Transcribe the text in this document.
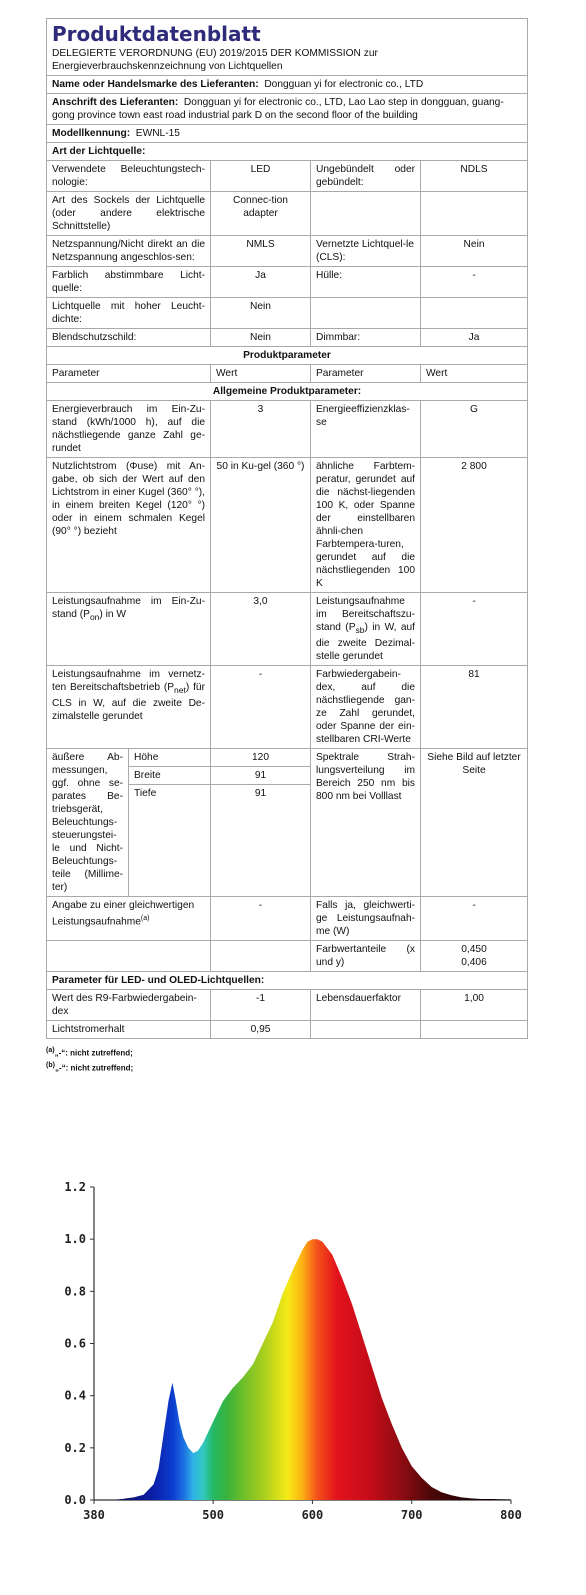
Produktdatenblatt				
DELEGIERTE VERORDNUNG (EU) 2019/2015 DER KOMMISSION zur Energieverbrauchskennzeichnung von Lichtquellen				
Name oder Handelsmarke des Lieferanten: Dongguan yi for electronic co., LTD				
Anschrift des Lieferanten: Dongguan yi for electronic co., LTD, Lao Lao step in dongguan, guang-gong province town east road industrial park D on the second floor of the building				
Modellkennung: EWNL-15				
Art der Lichtquelle:				
Verwendete Beleuchtungstech-nologie:		LED	Ungebündelt oder gebündelt:	NDLS
Art des Sockels der Lichtquelle (oder andere elektrische Schnittstelle)		Connec-tion adapter		
Netzspannung/Nicht direkt an die Netzspannung angeschlos-sen:		NMLS	Vernetzte Lichtquel-le (CLS):	Nein
Farblich abstimmbare Licht-quelle:		Ja	Hülle:	-
Lichtquelle mit hoher Leucht-dichte:		Nein		
Blendschutzschild:		Nein	Dimmbar:	Ja
Produktparameter				
Parameter		Wert	Parameter	Wert
Allgemeine Produktparameter:				
Energieverbrauch im Ein-Zu-stand (kWh/1000 h), auf die nächstliegende ganze Zahl ge-rundet		3	Energieeffizienzklas-se	G
Nutzlichtstrom (Φuse) mit An-gabe, ob sich der Wert auf den Lichtstrom in einer Kugel (360° °), in einem breiten Kegel (120° °) oder in einem schmalen Kegel (90° °) bezieht		50 in Ku-gel (360 °)	ähnliche Farbtem-peratur, gerundet auf die nächst-liegenden 100 K, oder Spanne der einstellbaren ähnli-chen Farbtempera-turen, gerundet auf die nächstliegenden 100 K	2 800
Leistungsaufnahme im Ein-Zu-stand $(P_{on})$ in W		3,0	Leistungsaufnahme im Bereitschaftszu-stand $(P_{sb})$ in W, auf die zweite Dezimal-stelle gerundet	-
Leistungsaufnahme im vernetz-ten Bereitschaftsbetrieb $(P_{net})$ für CLS in W, auf die zweite De-zimalstelle gerundet		-	Farbwiedergabein-dex, auf die nächstliegende gan-ze Zahl gerundet, oder Spanne der ein-stellbaren CRI-Werte	81
äußere Ab-messungen, ggf. ohne se-parates Be-triebsgerät, Beleuchtungs-steuerungstei-le und Nicht-Beleuchtungs-teile (Millime-ter)	Höhe	120	Spektrale Strah-lungsverteilung im Bereich 250 nm bis 800 nm bei Volllast	Siehe Bild auf letzter Seite
	Breite	91		
	Tiefe	91		
Angabe zu einer gleichwertigen Leistungsaufnahme$^{(a)}$		-	Falls ja, gleichwerti-ge Leistungsaufnah-me (W)	-
			Farbwertanteile (x und y)	0,450
0,406

Parameter für LED- und OLED-Lichtquellen:				
Wert des R9-Farbwiedergabein-dex		-1	Lebensdauerfaktor	1,00
Lichtstromerhalt		0,95		
$^{(a)}$„-“: nicht zutreffend;
$^{(b)}$„-“: nicht zutreffend;
0.0
0.2
0.4
0.6
0.8
1.0
1.2
380	500	600	700	800
